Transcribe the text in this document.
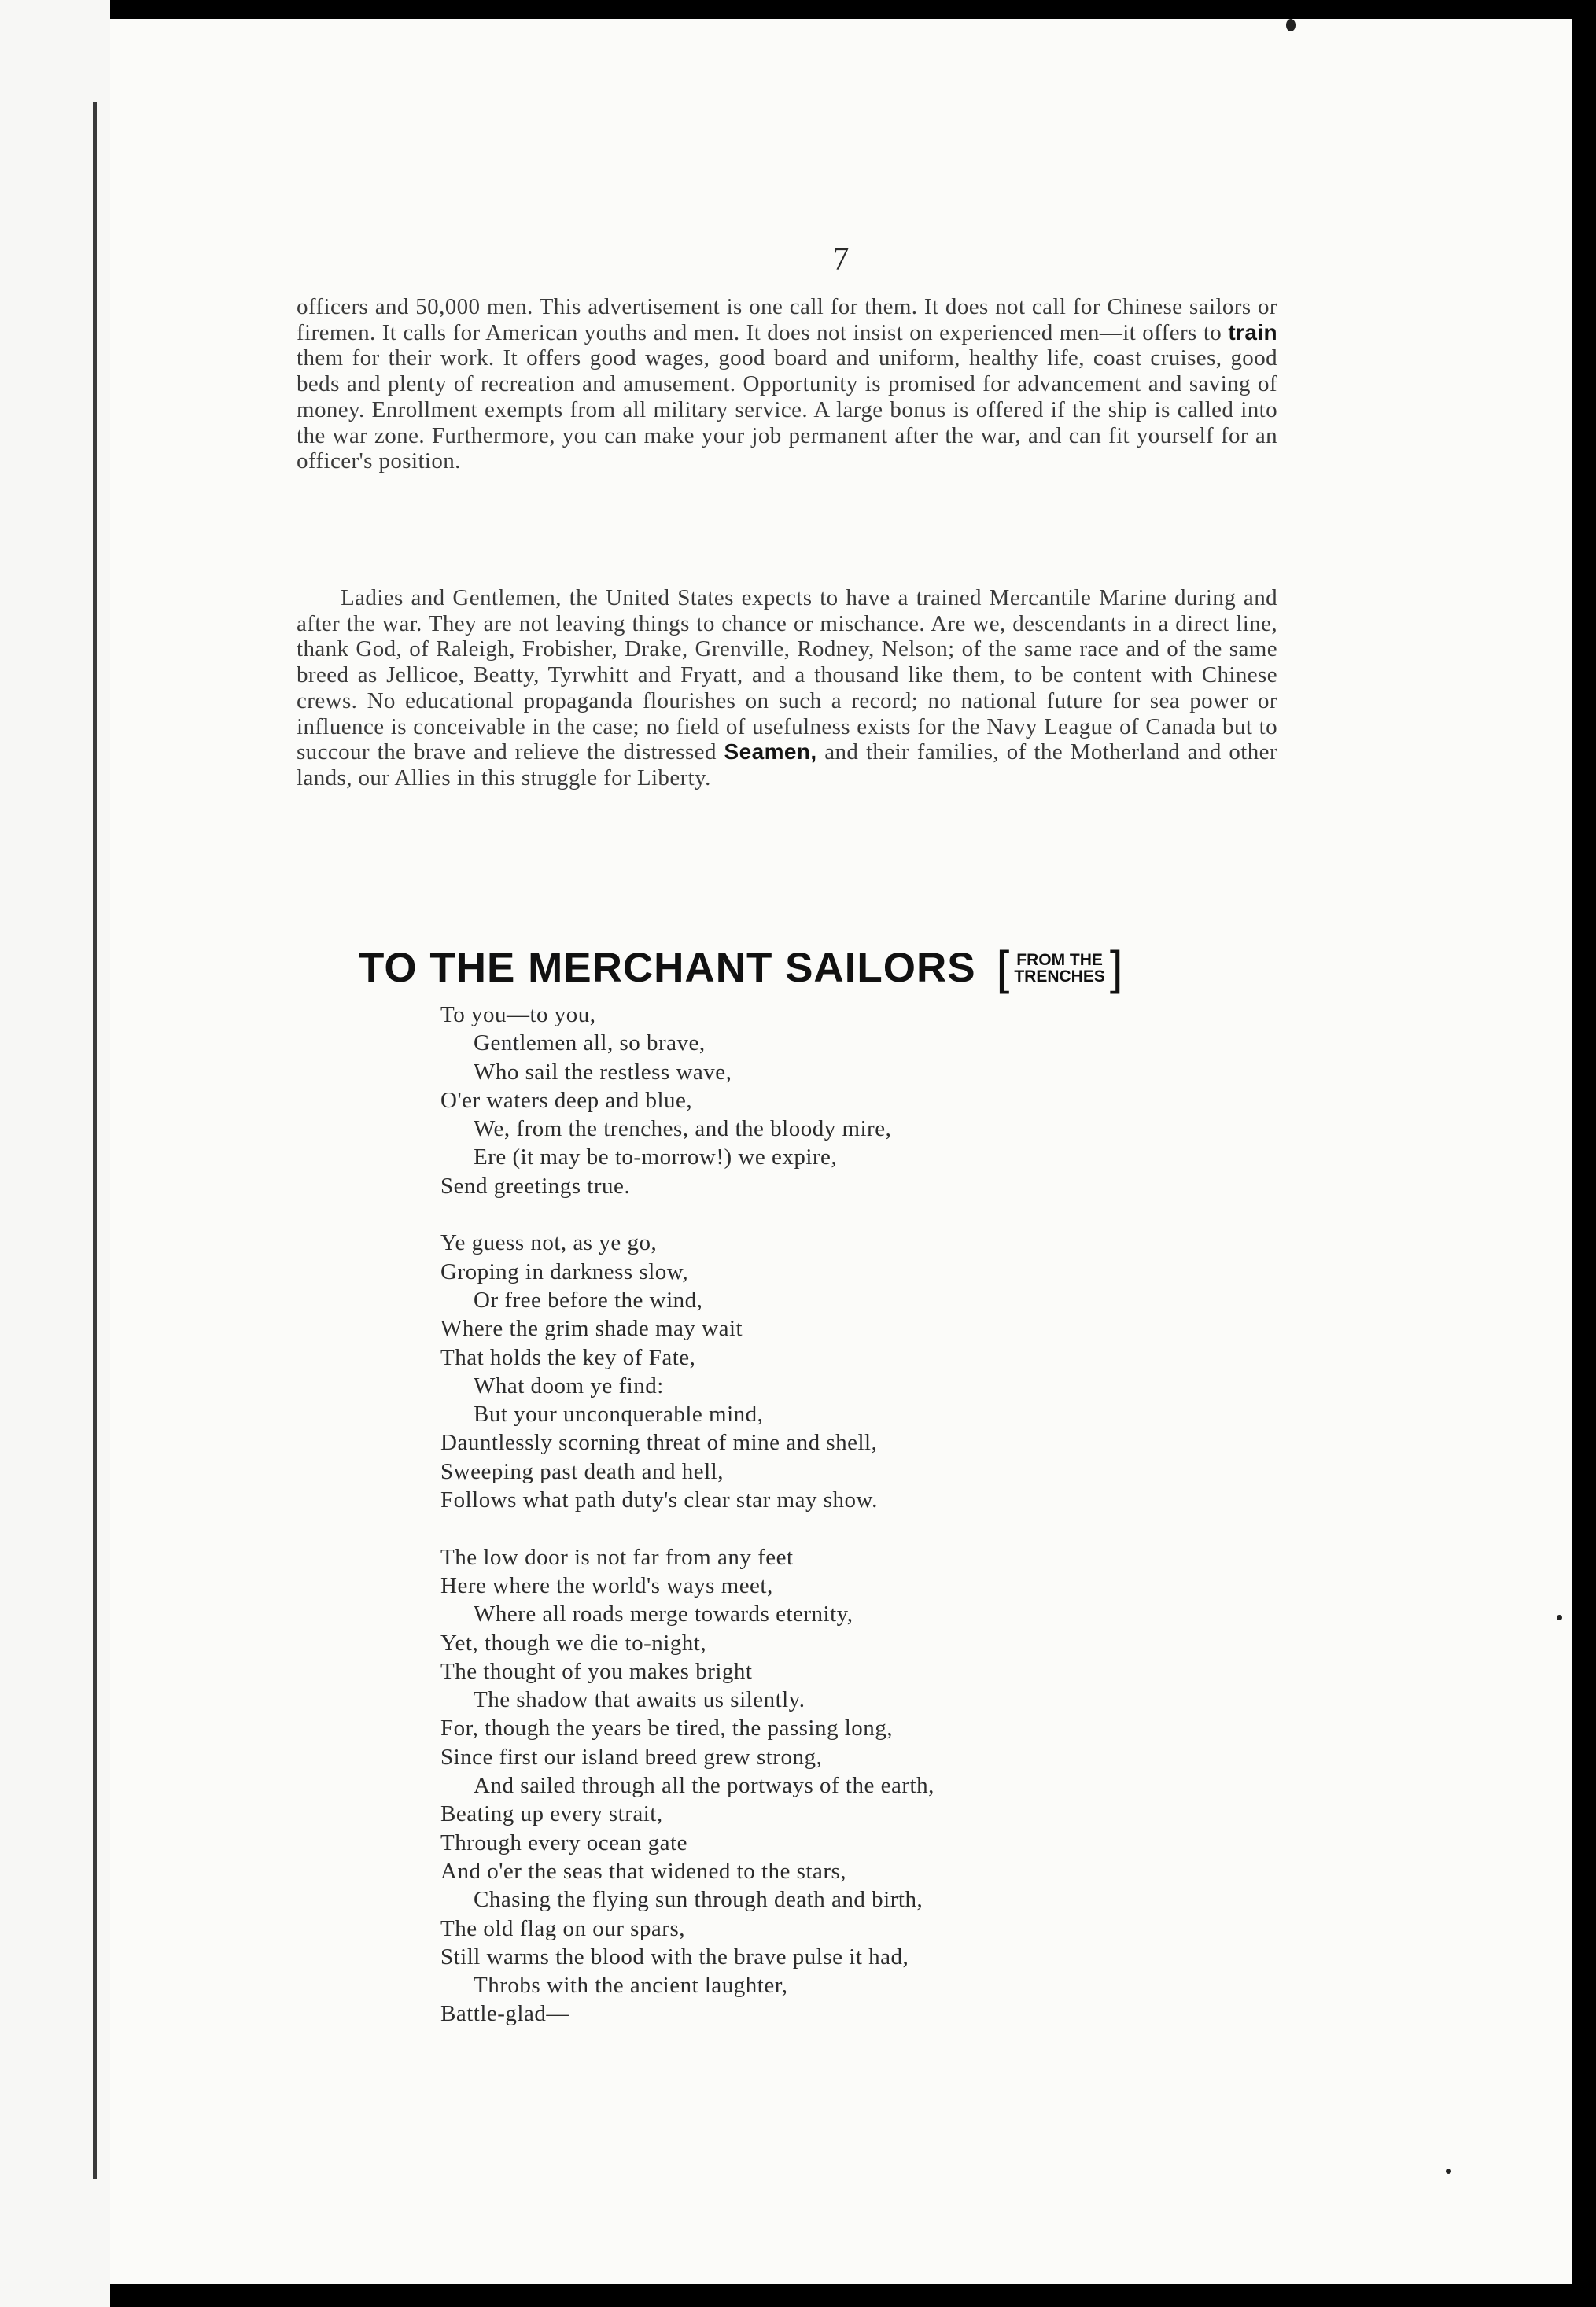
7

officers and 50,000 men. This advertisement is one call for them. It does not call for Chinese sailors or firemen. It calls for American youths and men. It does not insist on experienced men—it offers to train them for their work. It offers good wages, good board and uniform, healthy life, coast cruises, good beds and plenty of recreation and amusement. Opportunity is promised for advancement and saving of money. Enrollment exempts from all military service. A large bonus is offered if the ship is called into the war zone. Furthermore, you can make your job permanent after the war, and can fit yourself for an officer's position.

Ladies and Gentlemen, the United States expects to have a trained Mercantile Marine during and after the war. They are not leaving things to chance or mischance. Are we, descendants in a direct line, thank God, of Raleigh, Frobisher, Drake, Grenville, Rodney, Nelson; of the same race and of the same breed as Jellicoe, Beatty, Tyrwhitt and Fryatt, and a thousand like them, to be content with Chinese crews. No educational propaganda flourishes on such a record; no national future for sea power or influence is conceivable in the case; no field of usefulness exists for the Navy League of Canada but to succour the brave and relieve the distressed Seamen, and their families, of the Motherland and other lands, our Allies in this struggle for Liberty.

TO THE MERCHANT SAILORS [ FROM THE
TRENCHES ]
To you—to you,
Gentlemen all, so brave,
Who sail the restless wave,
O'er waters deep and blue,
We, from the trenches, and the bloody mire,
Ere (it may be to-morrow!) we expire,
Send greetings true.
Ye guess not, as ye go,
Groping in darkness slow,
Or free before the wind,
Where the grim shade may wait
That holds the key of Fate,
What doom ye find:
But your unconquerable mind,
Dauntlessly scorning threat of mine and shell,
Sweeping past death and hell,
Follows what path duty's clear star may show.
The low door is not far from any feet
Here where the world's ways meet,
Where all roads merge towards eternity,
Yet, though we die to-night,
The thought of you makes bright
The shadow that awaits us silently.
For, though the years be tired, the passing long,
Since first our island breed grew strong,
And sailed through all the portways of the earth,
Beating up every strait,
Through every ocean gate
And o'er the seas that widened to the stars,
Chasing the flying sun through death and birth,
The old flag on our spars,
Still warms the blood with the brave pulse it had,
Throbs with the ancient laughter,
Battle-glad—
